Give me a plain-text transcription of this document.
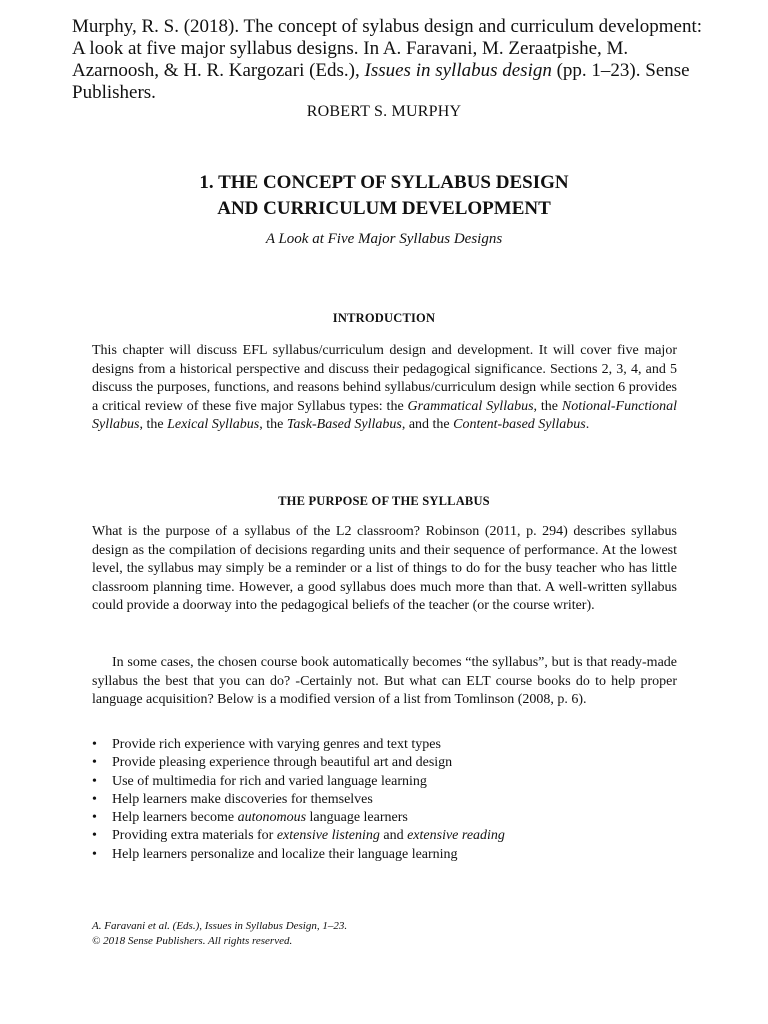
Murphy, R. S. (2018). The concept of sylabus design and curriculum development: A look at five major syllabus designs. In A. Faravani, M. Zeraatpishe, M. Azarnoosh, & H. R. Kargozari (Eds.), Issues in syllabus design (pp. 1–23). Sense Publishers.

ROBERT S. MURPHY

1. THE CONCEPT OF SYLLABUS DESIGN
AND CURRICULUM DEVELOPMENT

A Look at Five Major Syllabus Designs

INTRODUCTION

This chapter will discuss EFL syllabus/curriculum design and development. It will cover five major designs from a historical perspective and discuss their pedagogical significance. Sections 2, 3, 4, and 5 discuss the purposes, functions, and reasons behind syllabus/curriculum design while section 6 provides a critical review of these five major Syllabus types: the Grammatical Syllabus, the Notional-Functional Syllabus, the Lexical Syllabus, the Task-Based Syllabus, and the Content-based Syllabus.

THE PURPOSE OF THE SYLLABUS

What is the purpose of a syllabus of the L2 classroom? Robinson (2011, p. 294) describes syllabus design as the compilation of decisions regarding units and their sequence of performance. At the lowest level, the syllabus may simply be a reminder or a list of things to do for the busy teacher who has little classroom planning time. However, a good syllabus does much more than that. A well-written syllabus could provide a doorway into the pedagogical beliefs of the teacher (or the course writer).

In some cases, the chosen course book automatically becomes “the syllabus”, but is that ready-made syllabus the best that you can do? -Certainly not. But what can ELT course books do to help proper language acquisition? Below is a modified version of a list from Tomlinson (2008, p. 6).

• Provide rich experience with varying genres and text types
• Provide pleasing experience through beautiful art and design
• Use of multimedia for rich and varied language learning
• Help learners make discoveries for themselves
• Help learners become autonomous language learners
• Providing extra materials for extensive listening and extensive reading
• Help learners personalize and localize their language learning

A. Faravani et al. (Eds.), Issues in Syllabus Design, 1–23.
© 2018 Sense Publishers. All rights reserved.
